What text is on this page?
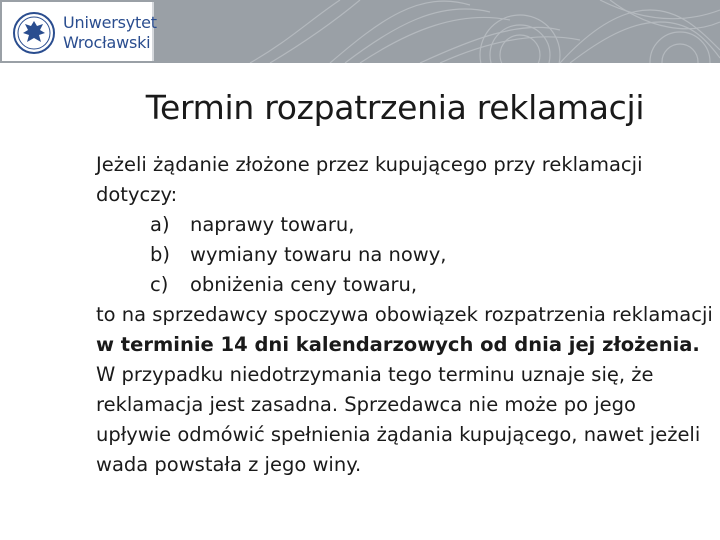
Uniwersytet
Wrocławski
Termin rozpatrzenia reklamacji

Jeżeli żądanie złożone przez kupującego przy reklamacji dotyczy:

a) naprawy towaru,
b) wymiany towaru na nowy,
c) obniżenia ceny towaru,

to na sprzedawcy spoczywa obowiązek rozpatrzenia reklamacji w terminie 14 dni kalendarzowych od dnia jej złożenia. W przypadku niedotrzymania tego terminu uznaje się, że reklamacja jest zasadna. Sprzedawca nie może po jego upływie odmówić spełnienia żądania kupującego, nawet jeżeli wada powstała z jego winy.
